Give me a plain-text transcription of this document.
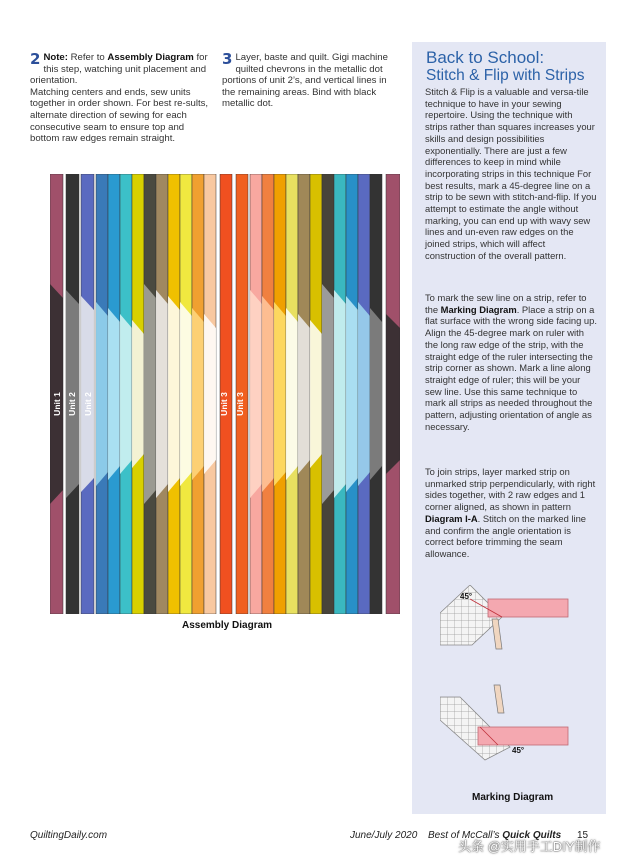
2 Note: Refer to Assembly Diagram for this step, watching unit placement and orientation.
Matching centers and ends, sew units together in order shown. For best re-sults, alternate direction of sewing for each consecutive seam to ensure top and bottom raw edges remain straight.
3 Layer, baste and quilt. Gigi machine quilted chevrons in the metallic dot portions of unit 2’s, and vertical lines in the remaining areas. Bind with black metallic dot.
Back to School:
Stitch & Flip with Strips
Stitch & Flip is a valuable and versa-tile technique to have in your sewing repertoire. Using the technique with strips rather than squares increases your skills and design possibilities exponentially. There are just a few differences to keep in mind while incorporating strips in this technique For best results, mark a 45-degree line on a strip to be sewn with stitch-and-flip. If you attempt to estimate the angle without marking, you can end up with wavy sew lines and un-even raw edges on the joined strips, which will affect construction of the overall pattern.
To mark the sew line on a strip, refer to the Marking Diagram. Place a strip on a flat surface with the wrong side facing up. Align the 45-degree mark on ruler with the long raw edge of the strip, with the straight edge of the ruler intersecting the strip corner as shown. Mark a line along straight edge of ruler; this will be your sew line. Use this same technique to mark all strips as needed throughout the pattern, adjusting orientation of angle as necessary.
To join strips, layer marked strip on unmarked strip perpendicularly, with right sides together, with 2 raw edges and 1 corner aligned, as shown in pattern Diagram I-A. Stitch on the marked line and confirm the angle orientation is correct before trimming the seam allowance.
Unit 1 Unit 2 Unit 2	Unit 3 Unit 3
Assembly Diagram
45°
45°
Marking Diagram
QuiltingDaily.com	June/July 2020 Best of McCall’s Quick Quilts 15
头条 @实用手工DIY制作
